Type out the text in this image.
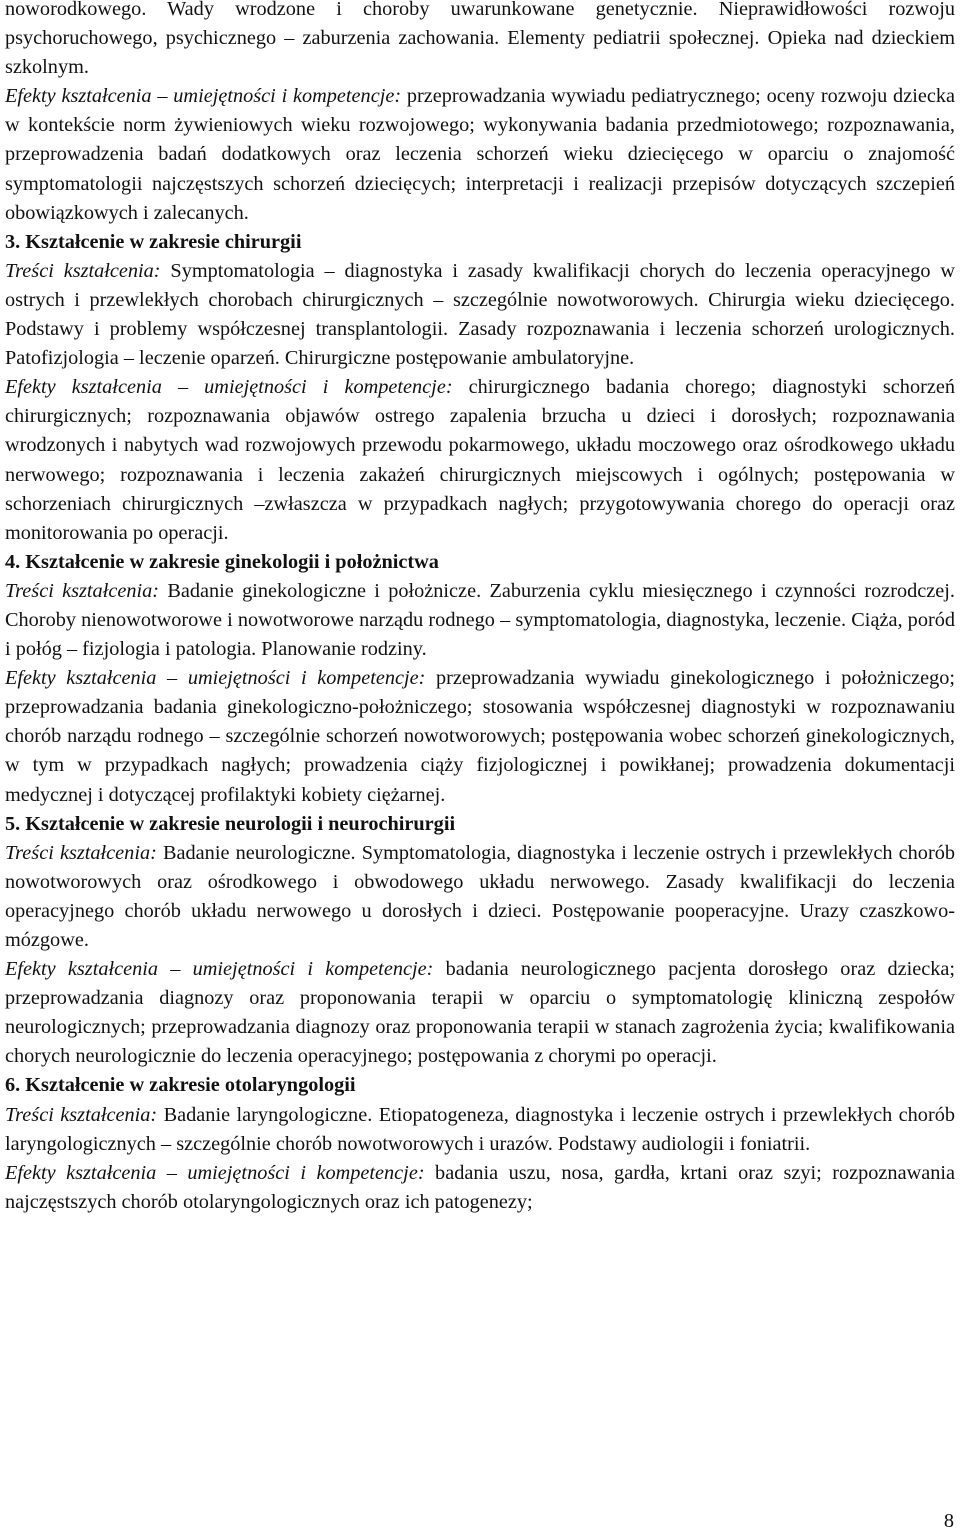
noworodkowego. Wady wrodzone i choroby uwarunkowane genetycznie. Nieprawidłowości rozwoju psychoruchowego, psychicznego – zaburzenia zachowania. Elementy pediatrii społecznej. Opieka nad dzieckiem szkolnym.

Efekty kształcenia – umiejętności i kompetencje: przeprowadzania wywiadu pediatrycznego; oceny rozwoju dziecka w kontekście norm żywieniowych wieku rozwojowego; wykonywania badania przedmiotowego; rozpoznawania, przeprowadzenia badań dodatkowych oraz leczenia schorzeń wieku dziecięcego w oparciu o znajomość symptomatologii najczęstszych schorzeń dziecięcych; interpretacji i realizacji przepisów dotyczących szczepień obowiązkowych i zalecanych.

3. Kształcenie w zakresie chirurgii

Treści kształcenia: Symptomatologia – diagnostyka i zasady kwalifikacji chorych do leczenia operacyjnego w ostrych i przewlekłych chorobach chirurgicznych – szczególnie nowotworowych. Chirurgia wieku dziecięcego. Podstawy i problemy współczesnej transplantologii. Zasady rozpoznawania i leczenia schorzeń urologicznych. Patofizjologia – leczenie oparzeń. Chirurgiczne postępowanie ambulatoryjne.

Efekty kształcenia – umiejętności i kompetencje: chirurgicznego badania chorego; diagnostyki schorzeń chirurgicznych; rozpoznawania objawów ostrego zapalenia brzucha u dzieci i dorosłych; rozpoznawania wrodzonych i nabytych wad rozwojowych przewodu pokarmowego, układu moczowego oraz ośrodkowego układu nerwowego; rozpoznawania i leczenia zakażeń chirurgicznych miejscowych i ogólnych; postępowania w schorzeniach chirurgicznych –zwłaszcza w przypadkach nagłych; przygotowywania chorego do operacji oraz monitorowania po operacji.

4. Kształcenie w zakresie ginekologii i położnictwa

Treści kształcenia: Badanie ginekologiczne i położnicze. Zaburzenia cyklu miesięcznego i czynności rozrodczej. Choroby nienowotworowe i nowotworowe narządu rodnego – symptomatologia, diagnostyka, leczenie. Ciąża, poród i połóg – fizjologia i patologia. Planowanie rodziny.

Efekty kształcenia – umiejętności i kompetencje: przeprowadzania wywiadu ginekologicznego i położniczego; przeprowadzania badania ginekologiczno-położniczego; stosowania współczesnej diagnostyki w rozpoznawaniu chorób narządu rodnego – szczególnie schorzeń nowotworowych; postępowania wobec schorzeń ginekologicznych, w tym w przypadkach nagłych; prowadzenia ciąży fizjologicznej i powikłanej; prowadzenia dokumentacji medycznej i dotyczącej profilaktyki kobiety ciężarnej.

5. Kształcenie w zakresie neurologii i neurochirurgii

Treści kształcenia: Badanie neurologiczne. Symptomatologia, diagnostyka i leczenie ostrych i przewlekłych chorób nowotworowych oraz ośrodkowego i obwodowego układu nerwowego. Zasady kwalifikacji do leczenia operacyjnego chorób układu nerwowego u dorosłych i dzieci. Postępowanie pooperacyjne. Urazy czaszkowo-mózgowe.

Efekty kształcenia – umiejętności i kompetencje: badania neurologicznego pacjenta dorosłego oraz dziecka; przeprowadzania diagnozy oraz proponowania terapii w oparciu o symptomatologię kliniczną zespołów neurologicznych; przeprowadzania diagnozy oraz proponowania terapii w stanach zagrożenia życia; kwalifikowania chorych neurologicznie do leczenia operacyjnego; postępowania z chorymi po operacji.

6. Kształcenie w zakresie otolaryngologii

Treści kształcenia: Badanie laryngologiczne. Etiopatogeneza, diagnostyka i leczenie ostrych i przewlekłych chorób laryngologicznych – szczególnie chorób nowotworowych i urazów. Podstawy audiologii i foniatrii.

Efekty kształcenia – umiejętności i kompetencje: badania uszu, nosa, gardła, krtani oraz szyi; rozpoznawania najczęstszych chorób otolaryngologicznych oraz ich patogenezy;

8
